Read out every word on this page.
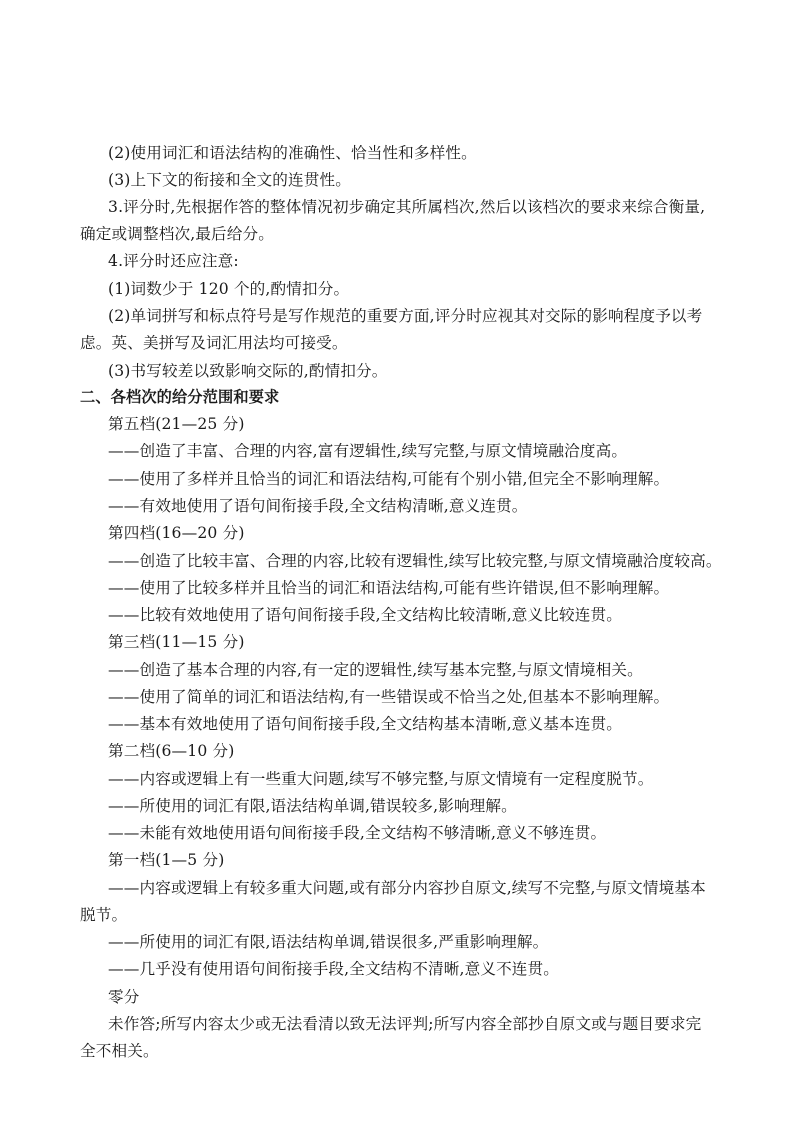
(2)使用词汇和语法结构的准确性、恰当性和多样性。
(3)上下文的衔接和全文的连贯性。
3.评分时,先根据作答的整体情况初步确定其所属档次,然后以该档次的要求来综合衡量,
确定或调整档次,最后给分。
4.评分时还应注意:
(1)词数少于 120 个的,酌情扣分。
(2)单词拼写和标点符号是写作规范的重要方面,评分时应视其对交际的影响程度予以考
虑。英、美拼写及词汇用法均可接受。
(3)书写较差以致影响交际的,酌情扣分。
二、各档次的给分范围和要求
第五档(21—25 分)
——创造了丰富、合理的内容,富有逻辑性,续写完整,与原文情境融洽度高。
——使用了多样并且恰当的词汇和语法结构,可能有个别小错,但完全不影响理解。
——有效地使用了语句间衔接手段,全文结构清晰,意义连贯。
第四档(16—20 分)
——创造了比较丰富、合理的内容,比较有逻辑性,续写比较完整,与原文情境融洽度较高。
——使用了比较多样并且恰当的词汇和语法结构,可能有些许错误,但不影响理解。
——比较有效地使用了语句间衔接手段,全文结构比较清晰,意义比较连贯。
第三档(11—15 分)
——创造了基本合理的内容,有一定的逻辑性,续写基本完整,与原文情境相关。
——使用了简单的词汇和语法结构,有一些错误或不恰当之处,但基本不影响理解。
——基本有效地使用了语句间衔接手段,全文结构基本清晰,意义基本连贯。
第二档(6—10 分)
——内容或逻辑上有一些重大问题,续写不够完整,与原文情境有一定程度脱节。
——所使用的词汇有限,语法结构单调,错误较多,影响理解。
——未能有效地使用语句间衔接手段,全文结构不够清晰,意义不够连贯。
第一档(1—5 分)
——内容或逻辑上有较多重大问题,或有部分内容抄自原文,续写不完整,与原文情境基本
脱节。
——所使用的词汇有限,语法结构单调,错误很多,严重影响理解。
——几乎没有使用语句间衔接手段,全文结构不清晰,意义不连贯。
零分
未作答;所写内容太少或无法看清以致无法评判;所写内容全部抄自原文或与题目要求完
全不相关。
